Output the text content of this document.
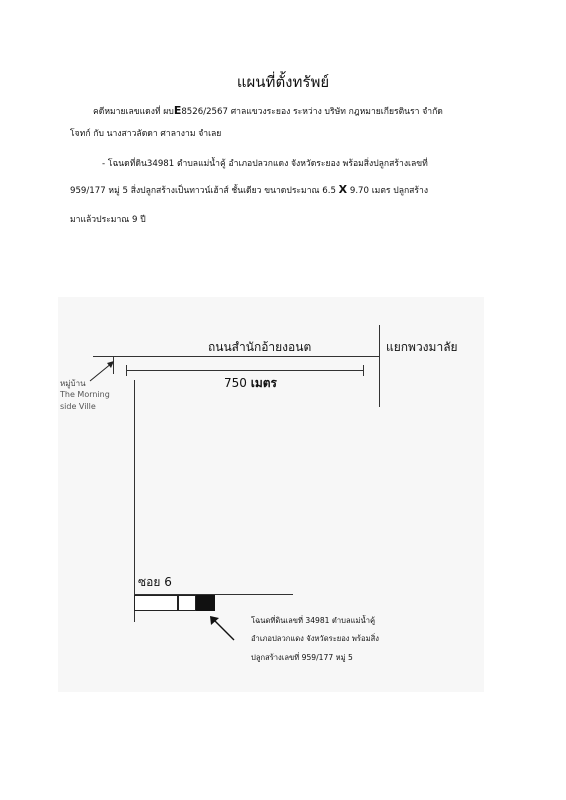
แผนที่ตั้งทรัพย์
คดีหมายเลขแดงที่ ผบE8526/2567 ศาลแขวงระยอง ระหว่าง บริษัท กฎหมายเกียรตินรา จำกัด
โจทก์ กับ นางสาวลัดดา ศาลางาม จำเลย
- โฉนดที่ดิน34981 ตำบลแม่น้ำคู้ อำเภอปลวกแดง จังหวัดระยอง พร้อมสิ่งปลูกสร้างเลขที่
959/177 หมู่ 5 สิ่งปลูกสร้างเป็นทาวน์เฮ้าส์ ชั้นเดียว ขนาดประมาณ 6.5 X 9.70 เมตร ปลูกสร้าง
มาแล้วประมาณ 9 ปี
ถนนสำนักอ้ายงอนต	แยกพวงมาลัย
750 เมตร
หมู่บ้าน
The Morning
side Ville
ซอย 6
โฉนดที่ดินเลขที่ 34981 ตำบลแม่น้ำคู้
อำเภอปลวกแดง จังหวัดระยอง พร้อมสิ่ง
ปลูกสร้างเลขที่ 959/177 หมู่ 5
